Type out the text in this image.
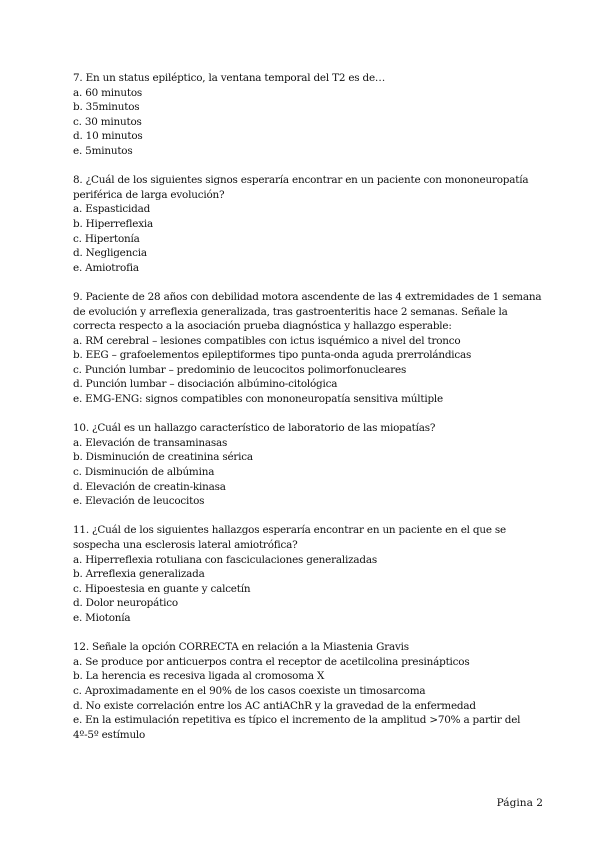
7. En un status epiléptico, la ventana temporal del T2 es de…
a. 60 minutos
b. 35minutos
c. 30 minutos
d. 10 minutos
e. 5minutos
8. ¿Cuál de los siguientes signos esperaría encontrar en un paciente con mononeuropatía periférica de larga evolución?
a. Espasticidad
b. Hiperreflexia
c. Hipertonía
d. Negligencia
e. Amiotrofia
9. Paciente de 28 años con debilidad motora ascendente de las 4 extremidades de 1 semana de evolución y arreflexia generalizada, tras gastroenteritis hace 2 semanas. Señale la correcta respecto a la asociación prueba diagnóstica y hallazgo esperable:
a. RM cerebral – lesiones compatibles con ictus isquémico a nivel del tronco
b. EEG – grafoelementos epileptiformes tipo punta-onda aguda prerrolándicas
c. Punción lumbar – predominio de leucocitos polimorfonucleares
d. Punción lumbar – disociación albúmino-citológica
e. EMG-ENG: signos compatibles con mononeuropatía sensitiva múltiple
10. ¿Cuál es un hallazgo característico de laboratorio de las miopatías?
a. Elevación de transaminasas
b. Disminución de creatinina sérica
c. Disminución de albúmina
d. Elevación de creatin-kinasa
e. Elevación de leucocitos
11. ¿Cuál de los siguientes hallazgos esperaría encontrar en un paciente en el que se sospecha una esclerosis lateral amiotrófica?
a. Hiperreflexia rotuliana con fasciculaciones generalizadas
b. Arreflexia generalizada
c. Hipoestesia en guante y calcetín
d. Dolor neuropático
e. Miotonía
12. Señale la opción CORRECTA en relación a la Miastenia Gravis
a. Se produce por anticuerpos contra el receptor de acetilcolina presinápticos
b. La herencia es recesiva ligada al cromosoma X
c. Aproximadamente en el 90% de los casos coexiste un timosarcoma
d. No existe correlación entre los AC antiAChR y la gravedad de la enfermedad
e. En la estimulación repetitiva es típico el incremento de la amplitud >70% a partir del 4º-5º estímulo
Página 2
